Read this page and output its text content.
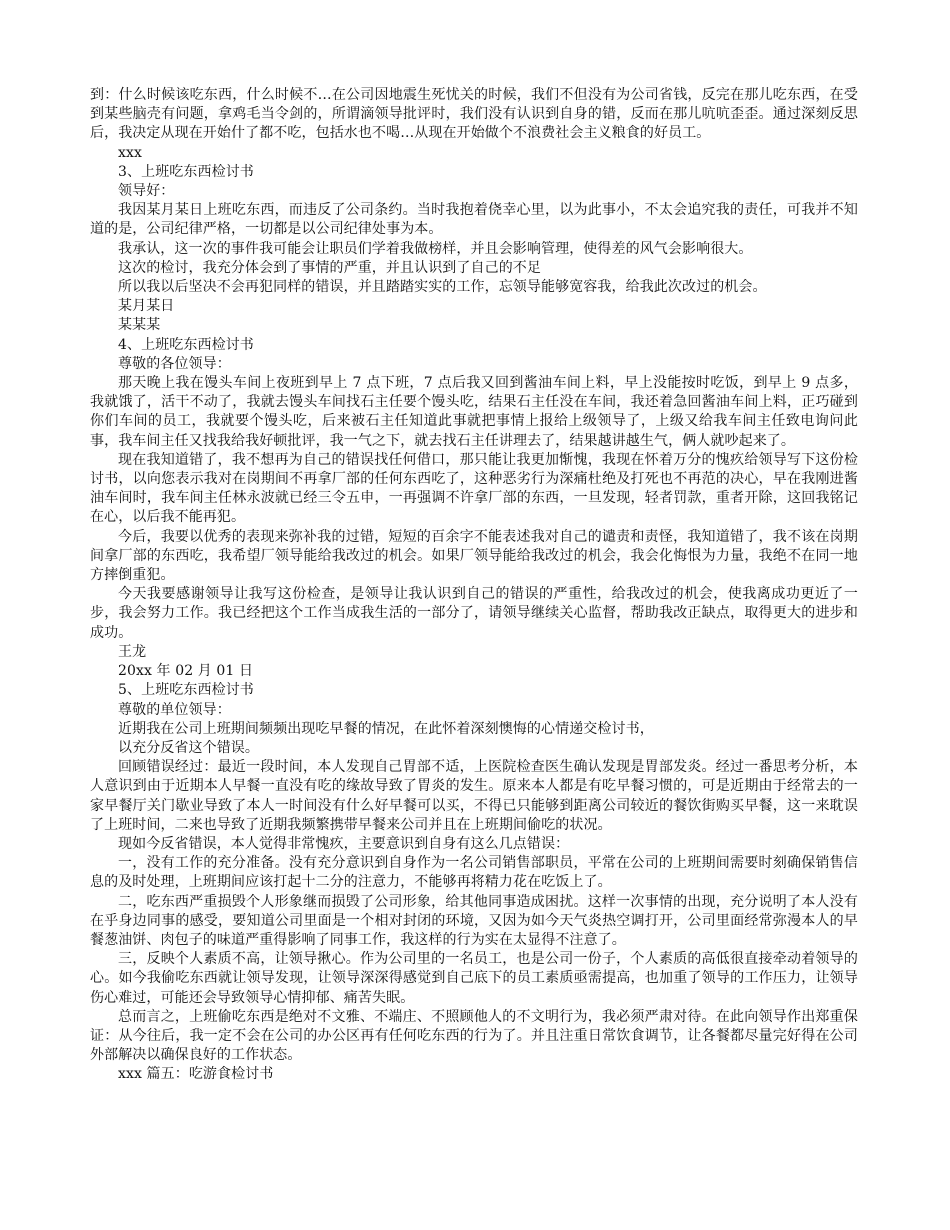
到：什么时候该吃东西，什么时候不…在公司因地震生死忧关的时候，我们不但没有为公司省钱，反完在那儿吃东西，在受到某些脑壳有问题，拿鸡毛当令剑的，所谓滴领导批评时，我们没有认识到自身的错，反而在那儿吭吭歪歪。通过深刻反思后，我决定从现在开始什了都不吃，包括水也不喝…从现在开始做个不浪费社会主义粮食的好员工。

xxx

3、上班吃东西检讨书

领导好：

我因某月某日上班吃东西，而违反了公司条约。当时我抱着侥幸心里，以为此事小，不太会追究我的责任，可我并不知道的是，公司纪律严格，一切都是以公司纪律处事为本。

我承认，这一次的事件我可能会让职员们学着我做榜样，并且会影响管理，使得差的风气会影响很大。

这次的检讨，我充分体会到了事情的严重，并且认识到了自己的不足

所以我以后坚决不会再犯同样的错误，并且踏踏实实的工作，忘领导能够宽容我，给我此次改过的机会。

某月某日

某某某

4、上班吃东西检讨书

尊敬的各位领导：

那天晚上我在馒头车间上夜班到早上 7 点下班，7 点后我又回到酱油车间上料，早上没能按时吃饭，到早上 9 点多，我就饿了，活干不动了，我就去馒头车间找石主任要个馒头吃，结果石主任没在车间，我还着急回酱油车间上料，正巧碰到你们车间的员工，我就要个馒头吃，后来被石主任知道此事就把事情上报给上级领导了，上级又给我车间主任致电询问此事，我车间主任又找我给我好顿批评，我一气之下，就去找石主任讲理去了，结果越讲越生气，俩人就吵起来了。

现在我知道错了，我不想再为自己的错误找任何借口，那只能让我更加惭愧，我现在怀着万分的愧疚给领导写下这份检讨书，以向您表示我对在岗期间不再拿厂部的任何东西吃了，这种恶劣行为深痛杜绝及打死也不再范的决心，早在我刚进酱油车间时，我车间主任林永波就已经三令五申，一再强调不许拿厂部的东西，一旦发现，轻者罚款，重者开除，这回我铭记在心，以后我不能再犯。

今后，我要以优秀的表现来弥补我的过错，短短的百余字不能表述我对自己的谴责和责怪，我知道错了，我不该在岗期间拿厂部的东西吃，我希望厂领导能给我改过的机会。如果厂领导能给我改过的机会，我会化悔恨为力量，我绝不在同一地方摔倒重犯。

今天我要感谢领导让我写这份检查，是领导让我认识到自己的错误的严重性，给我改过的机会，使我离成功更近了一步，我会努力工作。我已经把这个工作当成我生活的一部分了，请领导继续关心监督，帮助我改正缺点，取得更大的进步和成功。

王龙

20xx 年 02 月 01 日

5、上班吃东西检讨书

尊敬的单位领导：

近期我在公司上班期间频频出现吃早餐的情况，在此怀着深刻懊悔的心情递交检讨书，

以充分反省这个错误。

回顾错误经过：最近一段时间，本人发现自己胃部不适，上医院检查医生确认发现是胃部发炎。经过一番思考分析，本人意识到由于近期本人早餐一直没有吃的缘故导致了胃炎的发生。原来本人都是有吃早餐习惯的，可是近期由于经常去的一家早餐厅关门歇业导致了本人一时间没有什么好早餐可以买，不得已只能够到距离公司较近的餐饮街购买早餐，这一来耽误了上班时间，二来也导致了近期我频繁携带早餐来公司并且在上班期间偷吃的状况。

现如今反省错误，本人觉得非常愧疚，主要意识到自身有这么几点错误：

一，没有工作的充分准备。没有充分意识到自身作为一名公司销售部职员，平常在公司的上班期间需要时刻确保销售信息的及时处理，上班期间应该打起十二分的注意力，不能够再将精力花在吃饭上了。

二，吃东西严重损毁个人形象继而损毁了公司形象，给其他同事造成困扰。这样一次事情的出现，充分说明了本人没有在乎身边同事的感受，要知道公司里面是一个相对封闭的环境，又因为如今天气炎热空调打开，公司里面经常弥漫本人的早餐葱油饼、肉包子的味道严重得影响了同事工作，我这样的行为实在太显得不注意了。

三，反映个人素质不高，让领导揪心。作为公司里的一名员工，也是公司一份子，个人素质的高低很直接牵动着领导的心。如今我偷吃东西就让领导发现，让领导深深得感觉到自己底下的员工素质亟需提高，也加重了领导的工作压力，让领导伤心难过，可能还会导致领导心情抑郁、痛苦失眠。

总而言之，上班偷吃东西是绝对不文雅、不端庄、不照顾他人的不文明行为，我必须严肃对待。在此向领导作出郑重保证：从今往后，我一定不会在公司的办公区再有任何吃东西的行为了。并且注重日常饮食调节，让各餐都尽量完好得在公司外部解决以确保良好的工作状态。

xxx 篇五：吃游食检讨书
